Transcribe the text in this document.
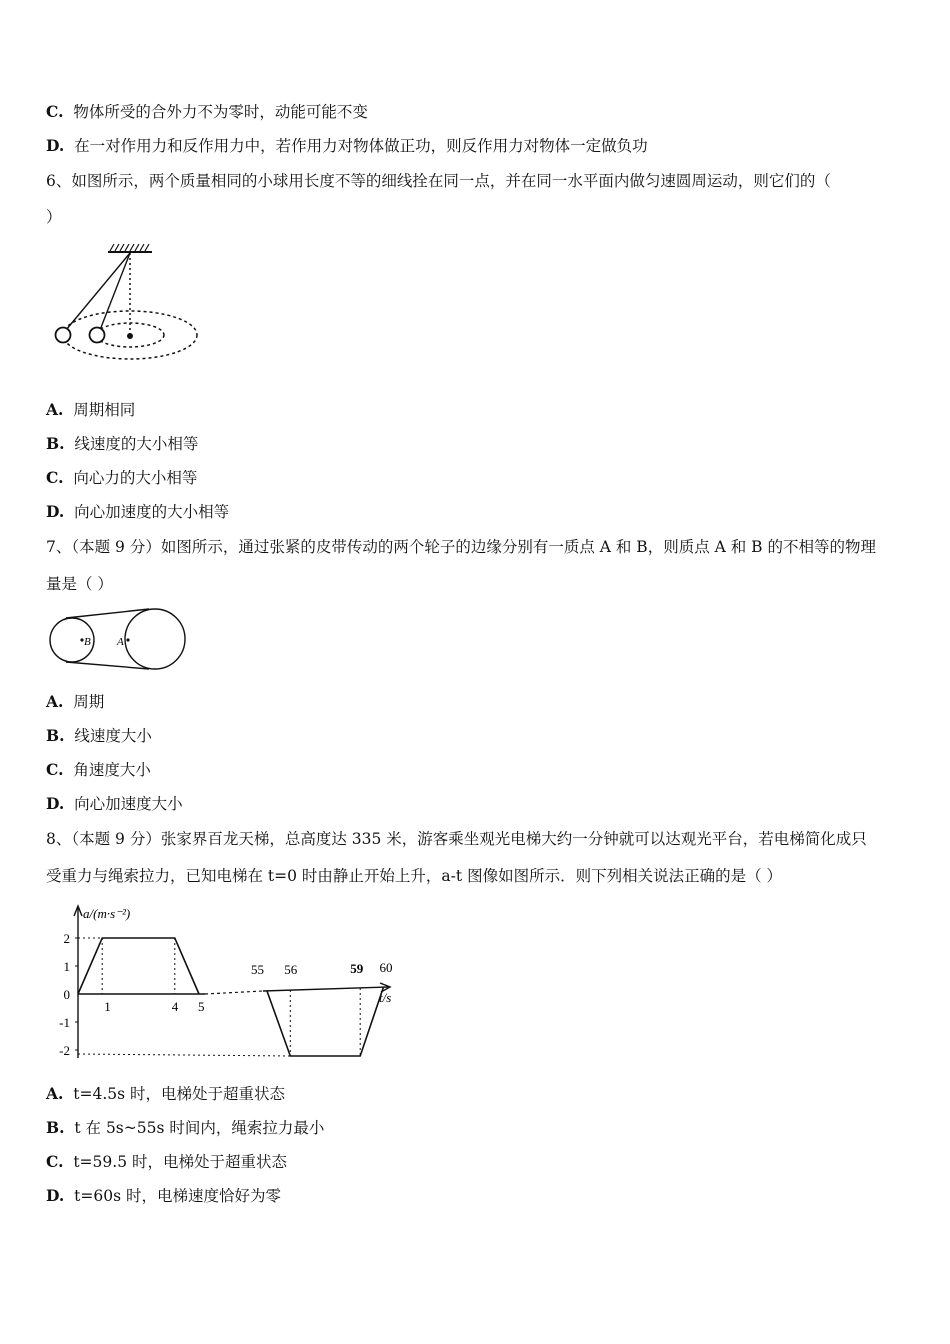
C. 物体所受的合外力不为零时，动能可能不变
D. 在一对作用力和反作用力中，若作用力对物体做正功，则反作用力对物体一定做负功
6、如图所示，两个质量相同的小球用长度不等的细线拴在同一点，并在同一水平面内做匀速圆周运动，则它们的（
）
A. 周期相同
B. 线速度的大小相等
C. 向心力的大小相等
D. 向心加速度的大小相等
7、（本题 9 分）如图所示，通过张紧的皮带传动的两个轮子的边缘分别有一质点 A 和 B，则质点 A 和 B 的不相等的物理
量是（ ）
B A
A. 周期
B. 线速度大小
C. 角速度大小
D. 向心加速度大小
8、（本题 9 分）张家界百龙天梯，总高度达 335 米，游客乘坐观光电梯大约一分钟就可以达观光平台，若电梯简化成只
受重力与绳索拉力，已知电梯在 t=0 时由静止开始上升，a-t 图像如图所示．则下列相关说法正确的是（ ）
2
1
0
-1
-2
a/(m·s⁻²)
t/s
1	4 5
55 56	59 60
A. t=4.5s 时，电梯处于超重状态
B. t 在 5s~55s 时间内，绳索拉力最小
C. t=59.5 时，电梯处于超重状态
D. t=60s 时，电梯速度恰好为零
